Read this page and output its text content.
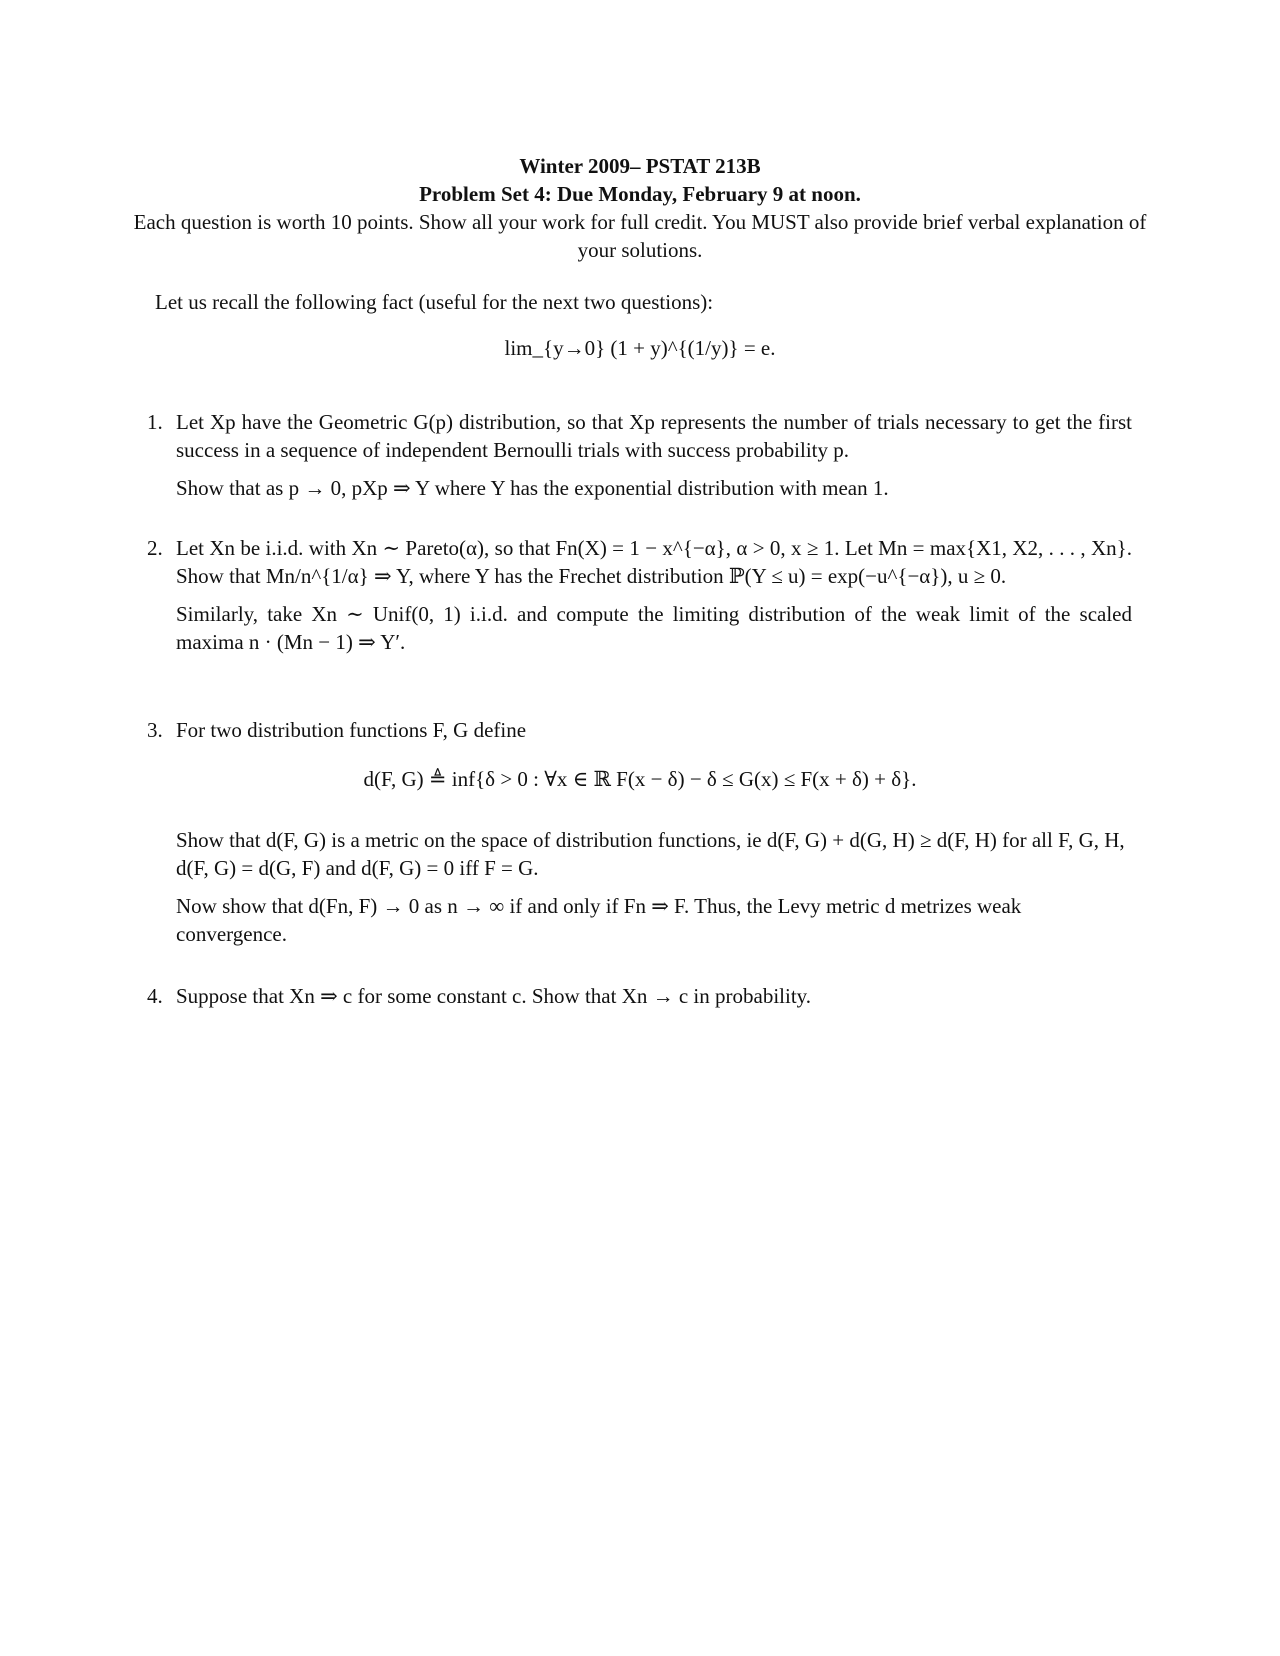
Winter 2009– PSTAT 213B
Problem Set 4: Due Monday, February 9 at noon.
Each question is worth 10 points. Show all your work for full credit. You MUST also provide brief verbal explanation of your solutions.
Let us recall the following fact (useful for the next two questions):
lim_{y→0} (1 + y)^{(1/y)} = e.
1. Let Xp have the Geometric G(p) distribution, so that Xp represents the number of trials necessary to get the first success in a sequence of independent Bernoulli trials with success probability p.

Show that as p → 0, pXp ⇒ Y where Y has the exponential distribution with mean 1.

2. Let Xn be i.i.d. with Xn ∼ Pareto(α), so that Fn(X) = 1 − x^{−α}, α > 0, x ≥ 1. Let Mn = max{X1, X2, . . . , Xn}. Show that Mn/n^{1/α} ⇒ Y, where Y has the Frechet distribution ℙ(Y ≤ u) = exp(−u^{−α}), u ≥ 0.

Similarly, take Xn ∼ Unif(0, 1) i.i.d. and compute the limiting distribution of the weak limit of the scaled maxima n · (Mn − 1) ⇒ Y′.

3. For two distribution functions F, G define

d(F, G) ≜ inf{δ > 0 : ∀x ∈ ℝ F(x − δ) − δ ≤ G(x) ≤ F(x + δ) + δ}.

Show that d(F, G) is a metric on the space of distribution functions, ie d(F, G) + d(G, H) ≥ d(F, H) for all F, G, H, d(F, G) = d(G, F) and d(F, G) = 0 iff F = G.

Now show that d(Fn, F) → 0 as n → ∞ if and only if Fn ⇒ F. Thus, the Levy metric d metrizes weak convergence.

4. Suppose that Xn ⇒ c for some constant c. Show that Xn → c in probability.
